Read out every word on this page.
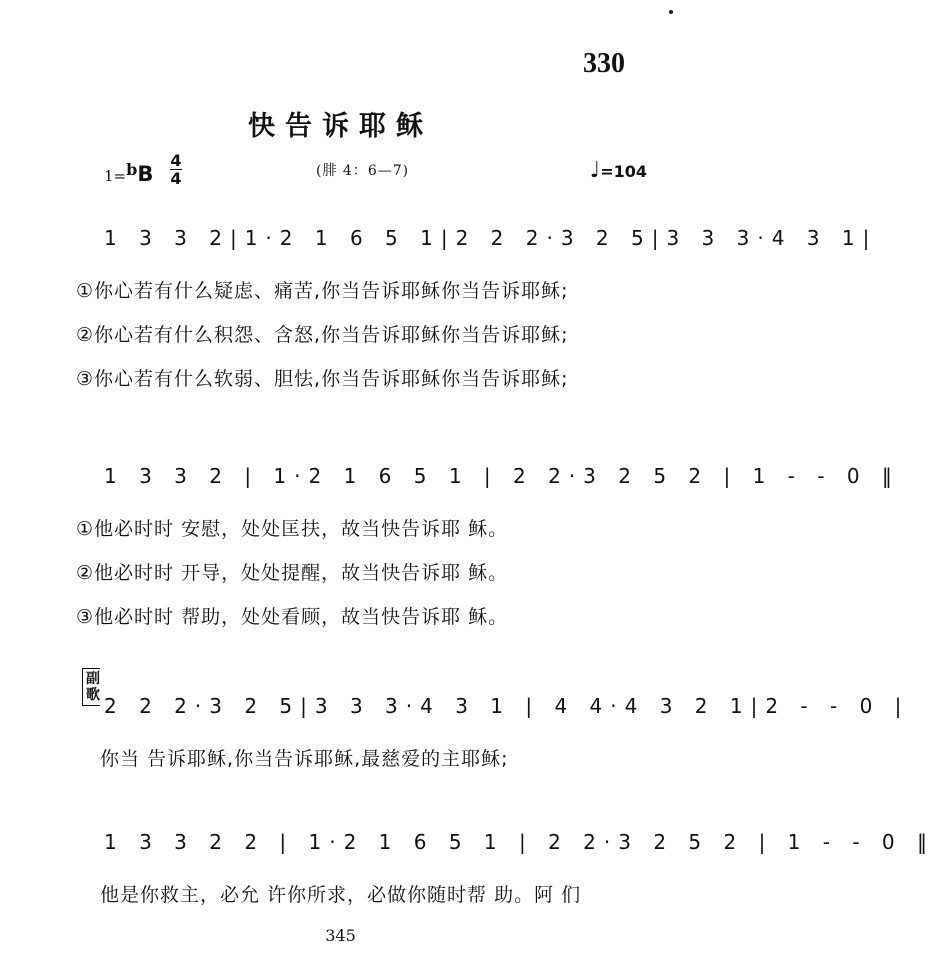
330
快告诉耶稣
1=bB
4
4	(腓 4：6—7)	♩=104
1 3 3 2|1·2 1 6 5 1|2 2 2·3 2 5|3 3 3·4 3 1|
①你心若有什么疑虑、痛苦,你当告诉耶稣你当告诉耶稣;
②你心若有什么积怨、含怒,你当告诉耶稣你当告诉耶稣;
③你心若有什么软弱、胆怯,你当告诉耶稣你当告诉耶稣;
1 3 3 2 | 1·2 1 6 5 1 | 2 2·3 2 5 2 | 1 - - 0 ‖
①他必时时 安慰，处处匡扶，故当快告诉耶 稣。
②他必时时 开导，处处提醒，故当快告诉耶 稣。
③他必时时 帮助，处处看顾，故当快告诉耶 稣。
副歌 2 2 2·3 2 5|3 3 3·4 3 1 | 4 4·4 3 2 1|2 - - 0 |
你当 告诉耶稣,你当告诉耶稣,最慈爱的主耶稣;
1 3 3 2 2 | 1·2 1 6 5 1 | 2 2·3 2 5 2 | 1 - - 0 ‖
他是你救主，必允 许你所求，必做你随时帮 助。阿 们
345
